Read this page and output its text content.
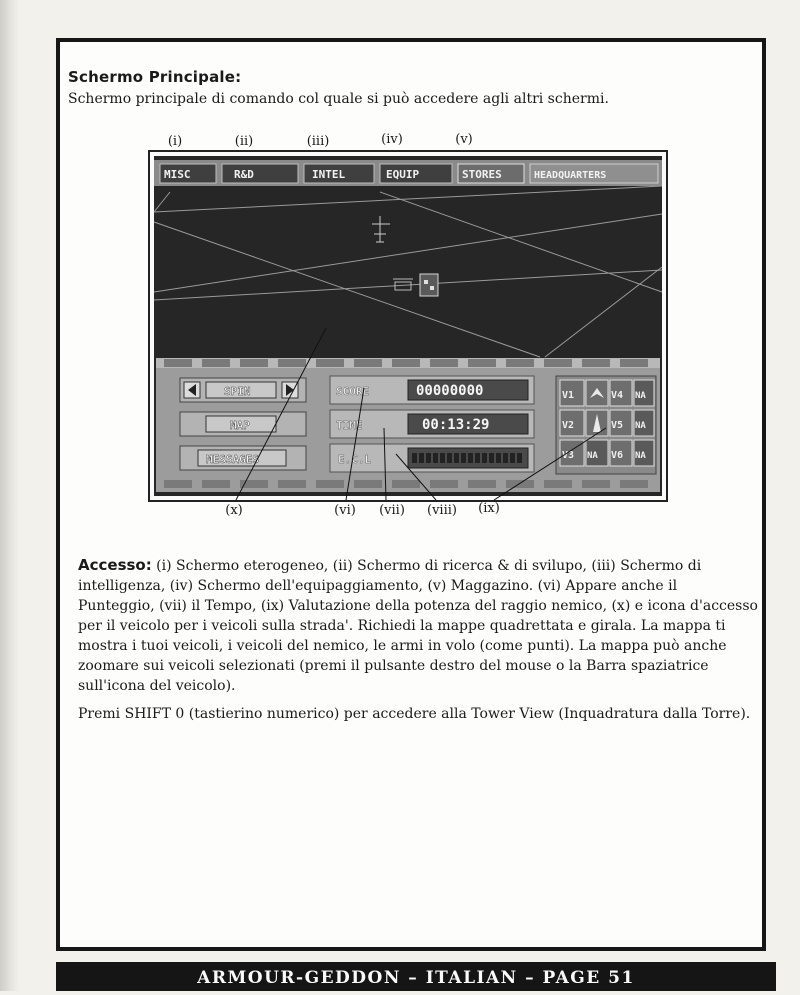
Schermo Principale:
Schermo principale di comando col quale si può accedere agli altri schermi.
(i)	(ii)	(iii)	(iv)	(v)
MISC	R&D	INTEL	EQUIP	STORES	HEADQUARTERS
SPIN
MAP
MESSAGES
SCORE	00000000
TIME	00:13:29
E.C.L
V1	V4 NA
V2	V5 NA
V3 NA V6 NA
(x)	(vi)	(vii)	(viii)	(ix)

Accesso: (i) Schermo eterogeneo, (ii) Schermo di ricerca & di svilupo, (iii) Schermo di intelligenza, (iv) Schermo dell'equipaggiamento, (v) Maggazino. (vi) Appare anche il Punteggio, (vii) il Tempo, (ix) Valutazione della potenza del raggio nemico, (x) e icona d'accesso per il veicolo per i veicoli sulla strada'. Richiedi la mappe quadrettata e girala. La mappa ti mostra i tuoi veicoli, i veicoli del nemico, le armi in volo (come punti). La mappa può anche zoomare sui veicoli selezionati (premi il pulsante destro del mouse o la Barra spaziatrice sull'icona del veicolo).

Premi SHIFT 0 (tastierino numerico) per accedere alla Tower View (Inquadratura dalla Torre).

ARMOUR-GEDDON – ITALIAN – PAGE 51
